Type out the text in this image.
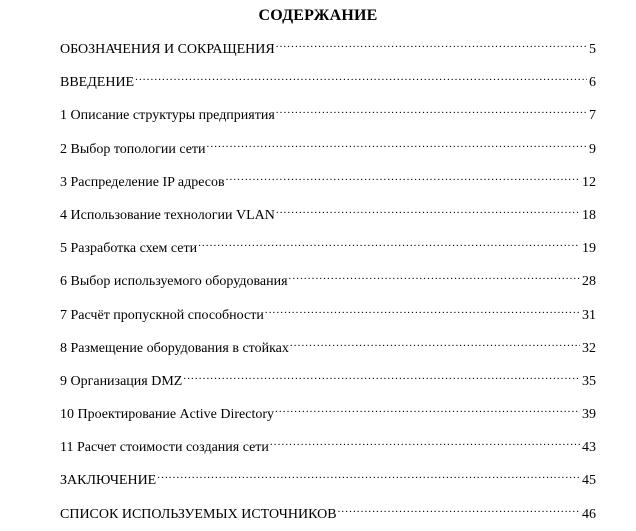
СОДЕРЖАНИЕ
ОБОЗНАЧЕНИЯ И СОКРАЩЕНИЯ .....	5
ВВЕДЕНИЕ .....	6
1 Описание структуры предприятия .....	7
2 Выбор топологии сети .....	9
3 Распределение IP адресов .....	12
4 Использование технологии VLAN .....	18
5 Разработка схем сети .....	19
6 Выбор используемого оборудования .....	28
7 Расчёт пропускной способности .....	31
8 Размещение оборудования в стойках .....	32
9 Организация DMZ .....	35
10 Проектирование Active Directory .....	39
11 Расчет стоимости создания сети .....	43
ЗАКЛЮЧЕНИЕ .....	45
СПИСОК ИСПОЛЬЗУЕМЫХ ИСТОЧНИКОВ .....	46
